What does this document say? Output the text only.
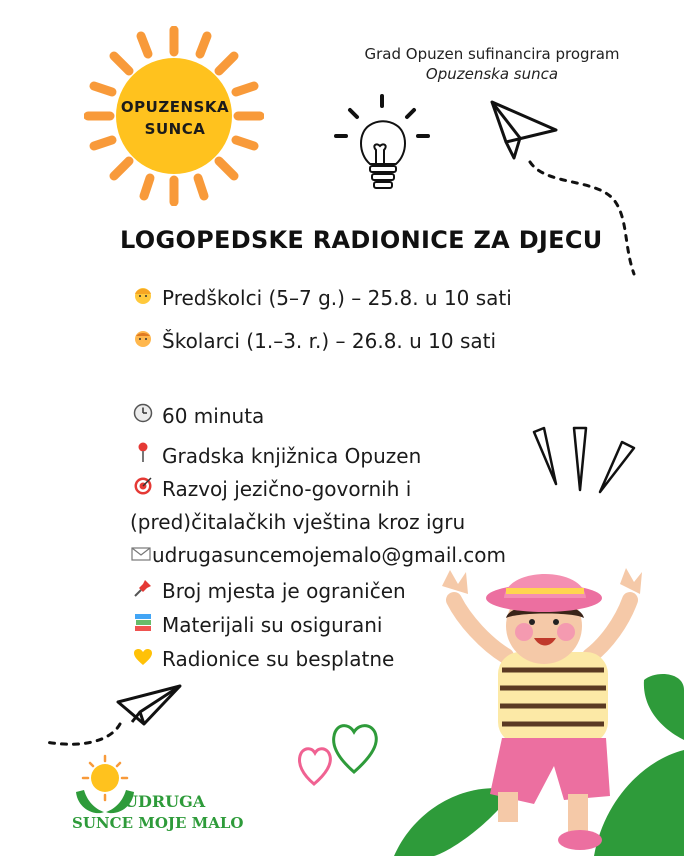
OPUZENSKA
SUNCA
Grad Opuzen sufinancira program
Opuzenska sunca
LOGOPEDSKE RADIONICE ZA DJECU
Predškolci (5–7 g.) – 25.8. u 10 sati
Školarci (1.–3. r.) – 26.8. u 10 sati
60 minuta
Gradska knjižnica Opuzen
Razvoj jezično-govornih i
(pred)čitalačkih vještina kroz igru
udrugasuncemojemalo@gmail.com
Broj mjesta je ograničen
Materijali su osigurani
Radionice su besplatne
UDRUGA
SUNCE MOJE MALO
